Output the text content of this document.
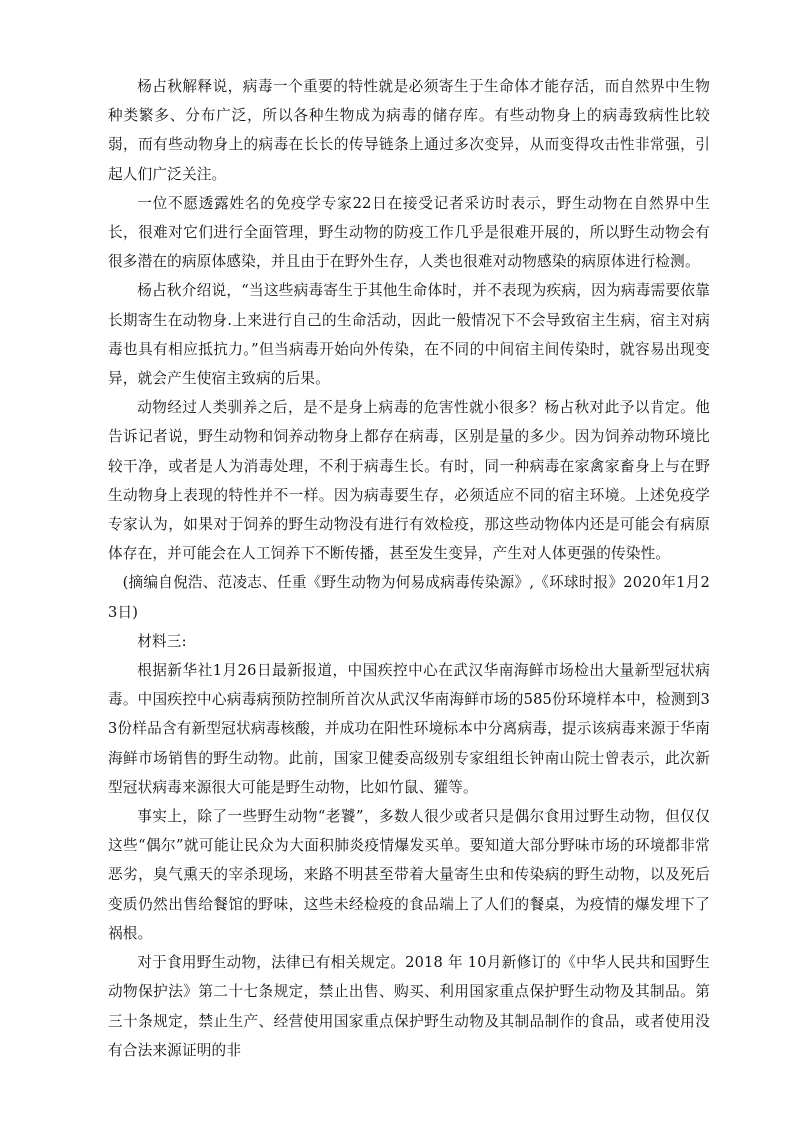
杨占秋解释说，病毒一个重要的特性就是必须寄生于生命体才能存活，而自然界中生物种类繁多、分布广泛，所以各种生物成为病毒的储存库。有些动物身上的病毒致病性比较弱，而有些动物身上的病毒在长长的传导链条上通过多次变异，从而变得攻击性非常强，引起人们广泛关注。

一位不愿透露姓名的免疫学专家22日在接受记者采访时表示，野生动物在自然界中生长，很难对它们进行全面管理，野生动物的防疫工作几乎是很难开展的，所以野生动物会有很多潜在的病原体感染，并且由于在野外生存，人类也很难对动物感染的病原体进行检测。

杨占秋介绍说，“当这些病毒寄生于其他生命体时，并不表现为疾病，因为病毒需要依靠长期寄生在动物身.上来进行自己的生命活动，因此一般情况下不会导致宿主生病，宿主对病毒也具有相应抵抗力。”但当病毒开始向外传染，在不同的中间宿主间传染时，就容易出现变异，就会产生使宿主致病的后果。

动物经过人类驯养之后，是不是身上病毒的危害性就小很多？杨占秋对此予以肯定。他告诉记者说，野生动物和饲养动物身上都存在病毒，区别是量的多少。因为饲养动物环境比较干净，或者是人为消毒处理，不利于病毒生长。有时，同一种病毒在家禽家畜身上与在野生动物身上表现的特性并不一样。因为病毒要生存，必须适应不同的宿主环境。上述免疫学专家认为，如果对于饲养的野生动物没有进行有效检疫，那这些动物体内还是可能会有病原体存在，并可能会在人工饲养下不断传播，甚至发生变异，产生对人体更强的传染性。

(摘编自倪浩、范凌志、任重《野生动物为何易成病毒传染源》,《环球时报》2020年1月23日)

材料三:

根据新华社1月26日最新报道，中国疾控中心在武汉华南海鲜市场检出大量新型冠状病毒。中国疾控中心病毒病预防控制所首次从武汉华南海鲜市场的585份环境样本中，检测到33份样品含有新型冠状病毒核酸，并成功在阳性环境标本中分离病毒，提示该病毒来源于华南海鲜市场销售的野生动物。此前，国家卫健委高级别专家组组长钟南山院士曾表示，此次新型冠状病毒来源很大可能是野生动物，比如竹鼠、獾等。

事实上，除了一些野生动物“老饕”，多数人很少或者只是偶尔食用过野生动物，但仅仅这些“偶尔”就可能让民众为大面积肺炎疫情爆发买单。要知道大部分野味市场的环境都非常恶劣，臭气熏天的宰杀现场，来路不明甚至带着大量寄生虫和传染病的野生动物，以及死后变质仍然出售给餐馆的野味，这些未经检疫的食品端上了人们的餐桌，为疫情的爆发埋下了祸根。

对于食用野生动物，法律已有相关规定。2018 年 10月新修订的《中华人民共和国野生动物保护法》第二十七条规定，禁止出售、购买、利用国家重点保护野生动物及其制品。第三十条规定，禁止生产、经营使用国家重点保护野生动物及其制品制作的食品，或者使用没有合法来源证明的非
